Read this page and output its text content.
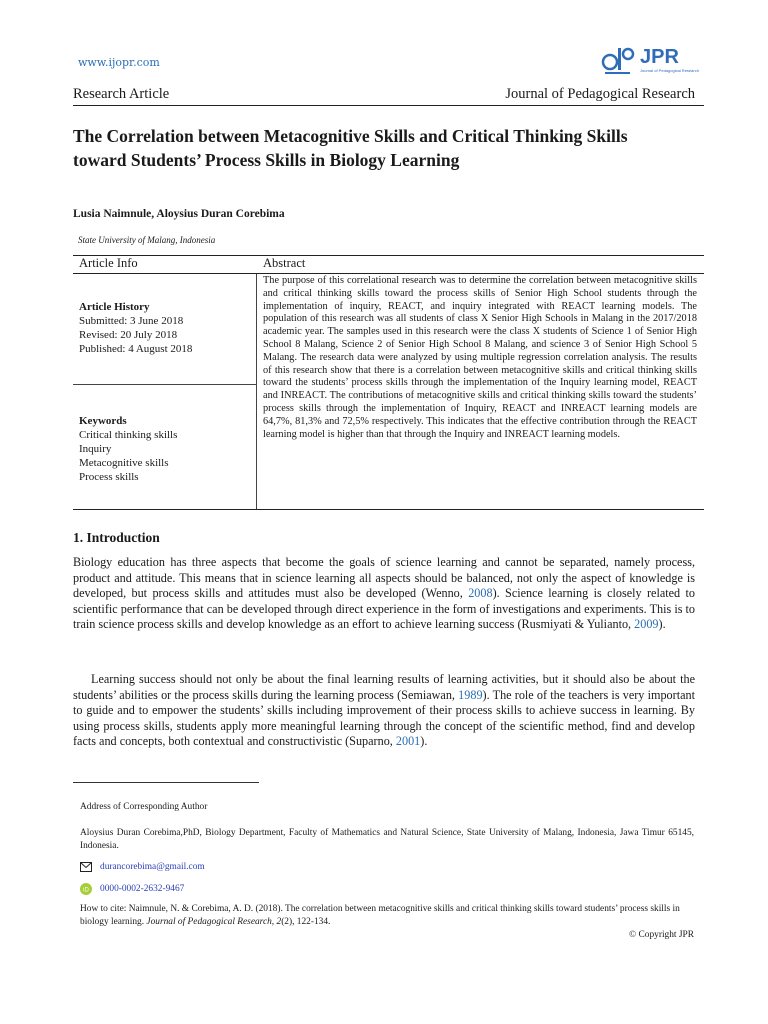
www.ijopr.com	JPR
Journal of Pedagogical Research
Research Article	Journal of Pedagogical Research
The Correlation between Metacognitive Skills and Critical Thinking Skills toward Students’ Process Skills in Biology Learning
Lusia Naimnule, Aloysius Duran Corebima
State University of Malang, Indonesia
Article Info	Abstract
Article History
Submitted: 3 June 2018
Revised: 20 July 2018
Published: 4 August 2018
Keywords
Critical thinking skills
Inquiry
Metacognitive skills
Process skills
The purpose of this correlational research was to determine the correlation between metacognitive skills and critical thinking skills toward the process skills of Senior High School students through the implementation of inquiry, REACT, and inquiry integrated with REACT learning models. The population of this research was all students of class X Senior High Schools in Malang in the 2017/2018 academic year. The samples used in this research were the class X students of Science 1 of Senior High School 8 Malang, Science 2 of Senior High School 8 Malang, and science 3 of Senior High School 5 Malang. The research data were analyzed by using multiple regression correlation analysis. The results of this research show that there is a correlation between metacognitive skills and critical thinking skills toward the students’ process skills through the implementation of the Inquiry learning model, REACT and INREACT. The contributions of metacognitive skills and critical thinking skills toward the students’ process skills through the implementation of Inquiry, REACT and INREACT learning models are 64,7%, 81,3% and 72,5% respectively. This indicates that the effective contribution through the REACT learning model is higher than that through the Inquiry and INREACT learning models.
1. Introduction
Biology education has three aspects that become the goals of science learning and cannot be separated, namely process, product and attitude. This means that in science learning all aspects should be balanced, not only the aspect of knowledge is developed, but process skills and attitudes must also be developed (Wenno, 2008). Science learning is closely related to scientific performance that can be developed through direct experience in the form of investigations and experiments. This is to train science process skills and develop knowledge as an effort to achieve learning success (Rusmiyati & Yulianto, 2009).
Learning success should not only be about the final learning results of learning activities, but it should also be about the students’ abilities or the process skills during the learning process (Semiawan, 1989). The role of the teachers is very important to guide and to empower the students’ skills including improvement of their process skills to achieve success in learning. By using process skills, students apply more meaningful learning through the concept of the scientific method, find and develop facts and concepts, both contextual and constructivistic (Suparno, 2001).
Address of Corresponding Author
Aloysius Duran Corebima,PhD, Biology Department, Faculty of Mathematics and Natural Science, State University of Malang, Indonesia, Jawa Timur 65145, Indonesia.
durancorebima@gmail.com
iD 0000-0002-2632-9467
How to cite: Naimnule, N. & Corebima, A. D. (2018). The correlation between metacognitive skills and critical thinking skills toward students’ process skills in biology learning. Journal of Pedagogical Research, 2(2), 122-134.
© Copyright JPR
